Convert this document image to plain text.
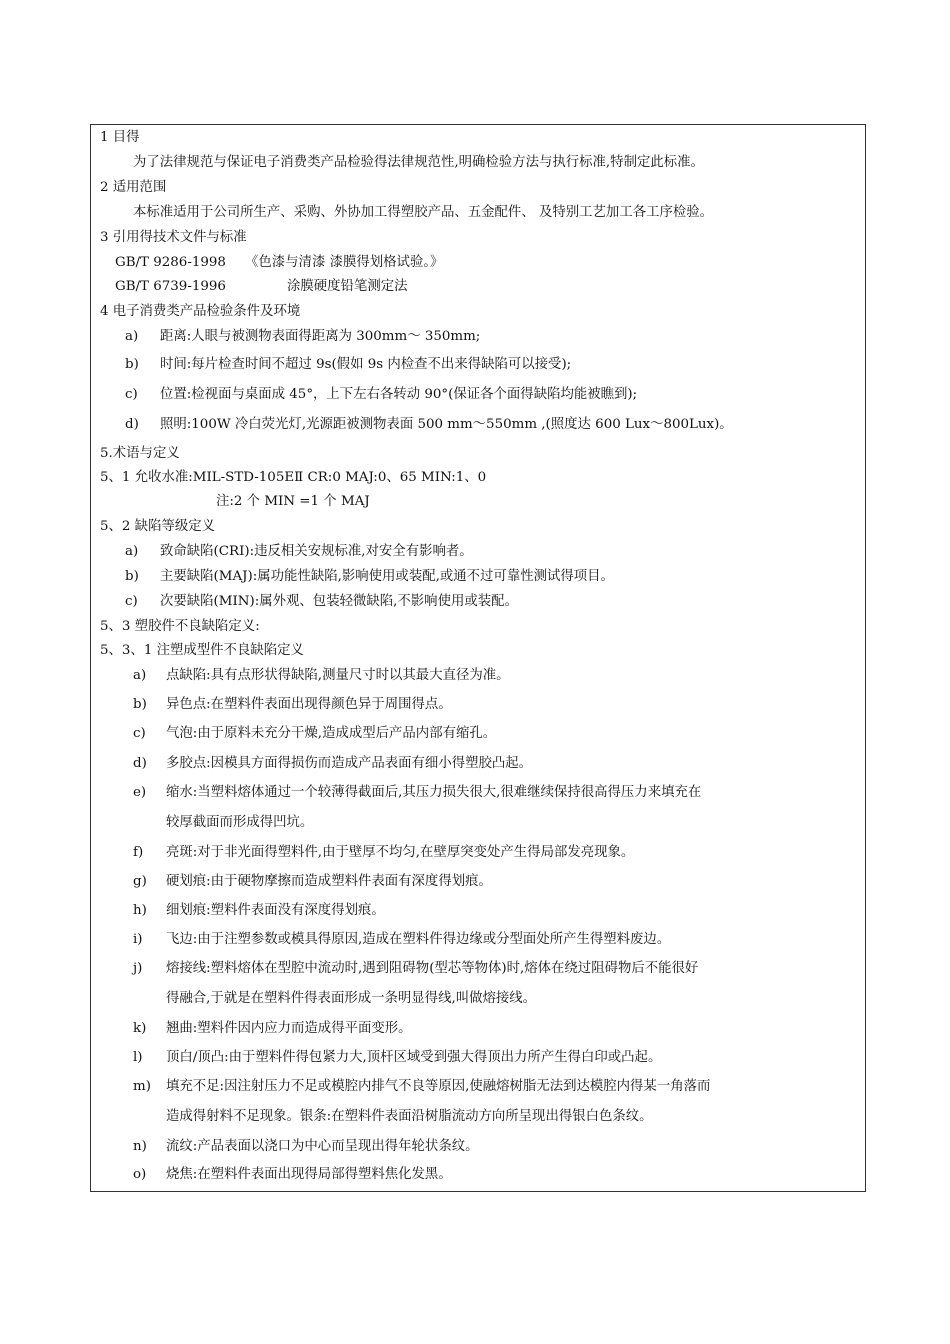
1 目得
为了法律规范与保证电子消费类产品检验得法律规范性,明确检验方法与执行标准,特制定此标准。
2 适用范围
本标准适用于公司所生产、采购、外协加工得塑胶产品、五金配件、 及特别工艺加工各工序检验。
3 引用得技术文件与标准
GB/T 9286-1998 《色漆与清漆 漆膜得划格试验。》
GB/T 6739-1996	涂膜硬度铅笔测定法
4 电子消费类产品检验条件及环境
a) 距离:人眼与被测物表面得距离为 300mm～ 350mm;
b) 时间:每片检查时间不超过 9s(假如 9s 内检查不出来得缺陷可以接受);
c) 位置:检视面与桌面成 45°，上下左右各转动 90°(保证各个面得缺陷均能被瞧到);
d) 照明:100W 冷白荧光灯,光源距被测物表面 500 mm～550mm ,(照度达 600 Lux～800Lux)。
5.术语与定义
5、1 允收水准:MIL-STD-105EⅡ CR:0 MAJ:0、65 MIN:1、0
注:2 个 MIN =1 个 MAJ
5、2 缺陷等级定义
a) 致命缺陷(CRI):违反相关安规标准,对安全有影响者。
b) 主要缺陷(MAJ):属功能性缺陷,影响使用或装配,或通不过可靠性测试得项目。
c) 次要缺陷(MIN):属外观、包装轻微缺陷,不影响使用或装配。
5、3 塑胶件不良缺陷定义:
5、3、1 注塑成型件不良缺陷定义
a) 点缺陷:具有点形状得缺陷,测量尺寸时以其最大直径为准。
b) 异色点:在塑料件表面出现得颜色异于周围得点。
c) 气泡:由于原料未充分干燥,造成成型后产品内部有缩孔。
d) 多胶点:因模具方面得损伤而造成产品表面有细小得塑胶凸起。
e) 缩水:当塑料熔体通过一个较薄得截面后,其压力损失很大,很难继续保持很高得压力来填充在
较厚截面而形成得凹坑。
f) 亮斑:对于非光面得塑料件,由于壁厚不均匀,在壁厚突变处产生得局部发亮现象。
g) 硬划痕:由于硬物摩擦而造成塑料件表面有深度得划痕。
h) 细划痕:塑料件表面没有深度得划痕。
i) 飞边:由于注塑参数或模具得原因,造成在塑料件得边缘或分型面处所产生得塑料废边。
j) 熔接线:塑料熔体在型腔中流动时,遇到阻碍物(型芯等物体)时,熔体在绕过阻碍物后不能很好
得融合,于就是在塑料件得表面形成一条明显得线,叫做熔接线。
k) 翘曲:塑料件因内应力而造成得平面变形。
l) 顶白/顶凸:由于塑料件得包紧力大,顶杆区域受到强大得顶出力所产生得白印或凸起。
m) 填充不足:因注射压力不足或模腔内排气不良等原因,使融熔树脂无法到达模腔内得某一角落而
造成得射料不足现象。银条:在塑料件表面沿树脂流动方向所呈现出得银白色条纹。
n) 流纹:产品表面以浇口为中心而呈现出得年轮状条纹。
o) 烧焦:在塑料件表面出现得局部得塑料焦化发黑。
